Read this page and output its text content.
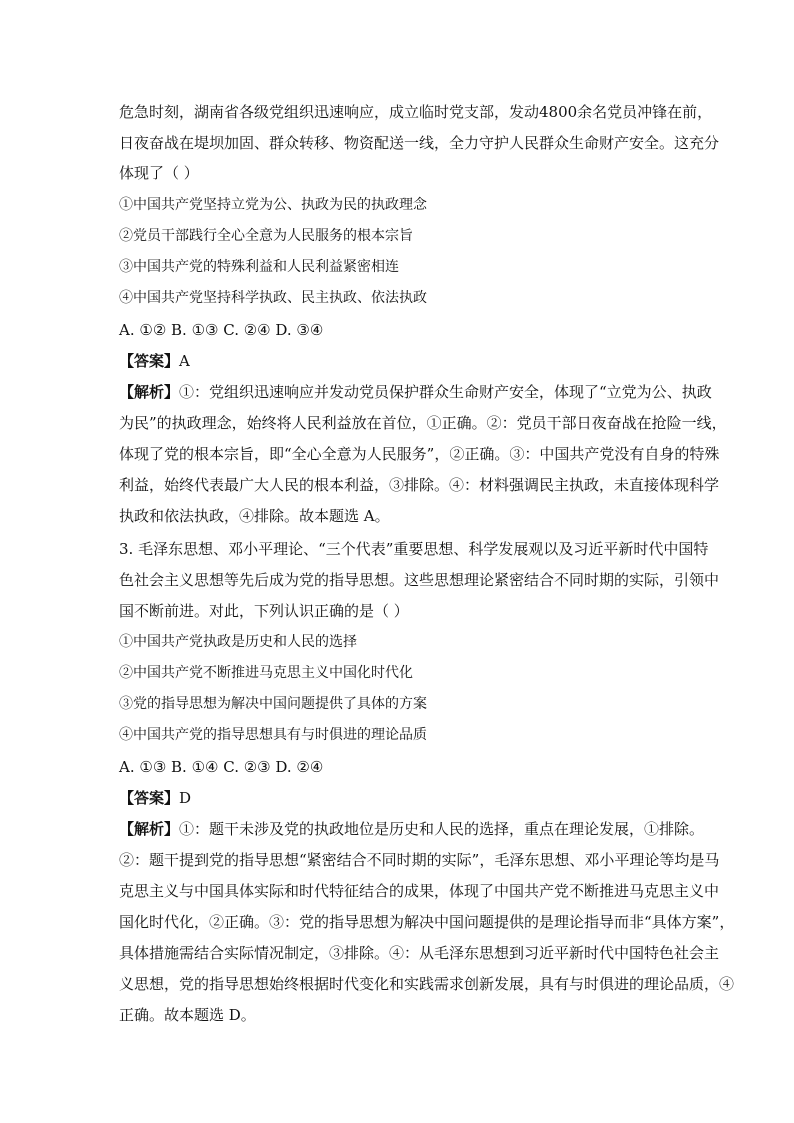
危急时刻，湖南省各级党组织迅速响应，成立临时党支部，发动4800余名党员冲锋在前，
日夜奋战在堤坝加固、群众转移、物资配送一线，全力守护人民群众生命财产安全。这充分
体现了（ ）
①中国共产党坚持立党为公、执政为民的执政理念
②党员干部践行全心全意为人民服务的根本宗旨
③中国共产党的特殊利益和人民利益紧密相连
④中国共产党坚持科学执政、民主执政、依法执政
A. ①② B. ①③ C. ②④ D. ③④
【答案】A
【解析】①：党组织迅速响应并发动党员保护群众生命财产安全，体现了“立党为公、执政
为民”的执政理念，始终将人民利益放在首位，①正确。②：党员干部日夜奋战在抢险一线，
体现了党的根本宗旨，即“全心全意为人民服务”，②正确。③：中国共产党没有自身的特殊
利益，始终代表最广大人民的根本利益，③排除。④：材料强调民主执政，未直接体现科学
执政和依法执政，④排除。故本题选 A。
3. 毛泽东思想、邓小平理论、“三个代表”重要思想、科学发展观以及习近平新时代中国特
色社会主义思想等先后成为党的指导思想。这些思想理论紧密结合不同时期的实际，引领中
国不断前进。对此，下列认识正确的是（ ）
①中国共产党执政是历史和人民的选择
②中国共产党不断推进马克思主义中国化时代化
③党的指导思想为解决中国问题提供了具体的方案
④中国共产党的指导思想具有与时俱进的理论品质
A. ①③ B. ①④ C. ②③ D. ②④
【答案】D
【解析】①：题干未涉及党的执政地位是历史和人民的选择，重点在理论发展，①排除。
②：题干提到党的指导思想“紧密结合不同时期的实际”，毛泽东思想、邓小平理论等均是马
克思主义与中国具体实际和时代特征结合的成果，体现了中国共产党不断推进马克思主义中
国化时代化，②正确。③：党的指导思想为解决中国问题提供的是理论指导而非“具体方案”，
具体措施需结合实际情况制定，③排除。④：从毛泽东思想到习近平新时代中国特色社会主
义思想，党的指导思想始终根据时代变化和实践需求创新发展，具有与时俱进的理论品质，④
正确。故本题选 D。
